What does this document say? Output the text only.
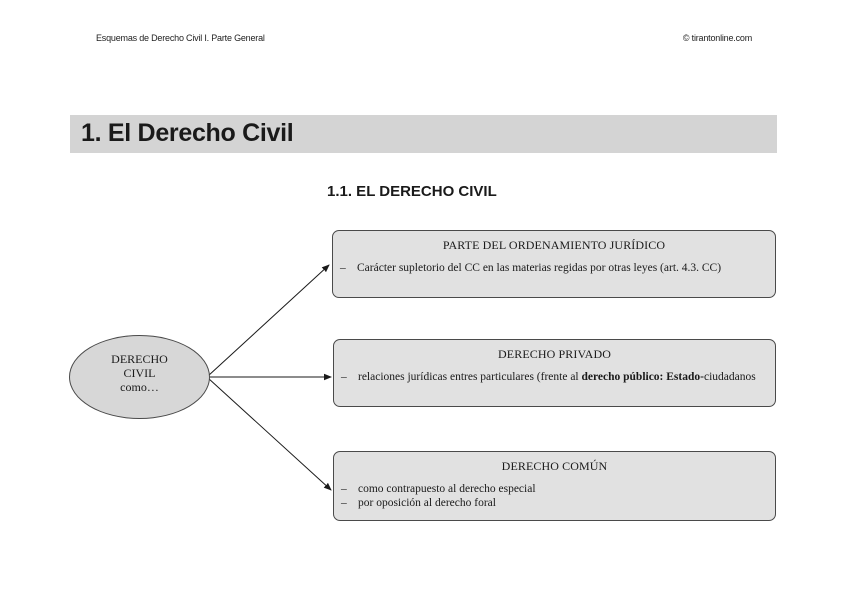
Esquemas de Derecho Civil I. Parte General	© tirantonline.com
1. El Derecho Civil
1.1. EL DERECHO CIVIL
DERECHO
CIVIL
como…
PARTE DEL ORDENAMIENTO JURÍDICO
– Carácter supletorio del CC en las materias regidas por otras leyes (art. 4.3. CC)
DERECHO PRIVADO
– relaciones jurídicas entres particulares (frente al derecho público: Estado-ciudadanos
DERECHO COMÚN
– como contrapuesto al derecho especial
– por oposición al derecho foral
